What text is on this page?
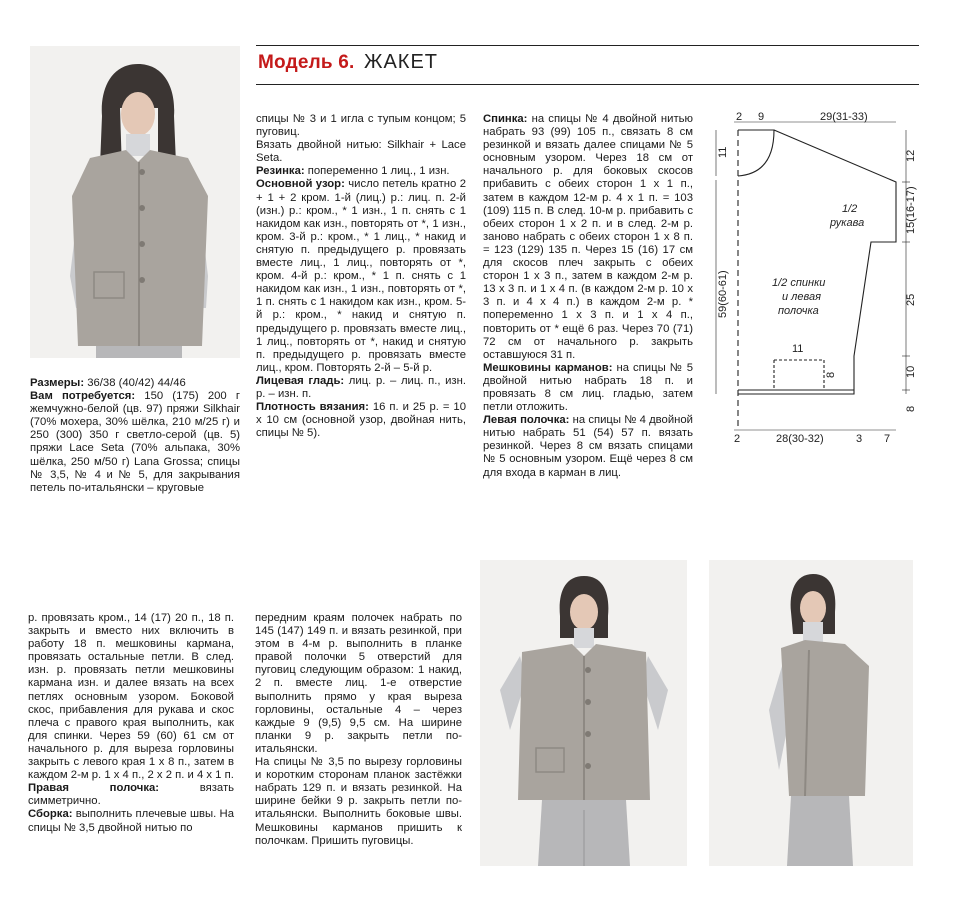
Модель 6. ЖАКЕТ

Размеры: 36/38 (40/42) 44/46

Вам потребуется: 150 (175) 200 г жемчужно-белой (цв. 97) пряжи Silkhair (70% мохера, 30% шёлка, 210 м/25 г) и 250 (300) 350 г светло-серой (цв. 5) пряжи Lace Seta (70% альпака, 30% шёлка, 250 м/50 г) Lana Grossa; спицы № 3,5, № 4 и № 5, для закрывания петель по-итальянски – круговые

спицы № 3 и 1 игла с тупым концом; 5 пуговиц.

Вязать двойной нитью: Silkhair + Lace Seta.

Резинка: попеременно 1 лиц., 1 изн.

Основной узор: число петель кратно 2 + 1 + 2 кром. 1-й (лиц.) р.: лиц. п. 2-й (изн.) р.: кром., * 1 изн., 1 п. снять с 1 накидом как изн., повторять от *, 1 изн., кром. 3-й р.: кром., * 1 лиц., * накид и снятую п. предыдущего р. провязать вместе лиц., 1 лиц., повторять от *, кром. 4-й р.: кром., * 1 п. снять с 1 накидом как изн., 1 изн., повторять от *, 1 п. снять с 1 накидом как изн., кром. 5-й р.: кром., * накид и снятую п. предыдущего р. провязать вместе лиц., 1 лиц., повторять от *, накид и снятую п. предыдущего р. провязать вместе лиц., кром. Повторять 2-й – 5-й р.

Лицевая гладь: лиц. р. – лиц. п., изн. р. – изн. п.

Плотность вязания: 16 п. и 25 р. = 10 х 10 см (основной узор, двойная нить, спицы № 5).

Спинка: на спицы № 4 двойной нитью набрать 93 (99) 105 п., связать 8 см резинкой и вязать далее спицами № 5 основным узором. Через 18 см от начального р. для боковых скосов прибавить с обеих сторон 1 х 1 п., затем в каждом 12-м р. 4 х 1 п. = 103 (109) 115 п. В след. 10-м р. прибавить с обеих сторон 1 х 2 п. и в след. 2-м р. заново набрать с обеих сторон 1 х 8 п. = 123 (129) 135 п. Через 15 (16) 17 см для скосов плеч закрыть с обеих сторон 1 х 3 п., затем в каждом 2-м р. 13 х 3 п. и 1 х 4 п. (в каждом 2-м р. 10 х 3 п. и 4 х 4 п.) в каждом 2-м р. * попеременно 1 х 3 п. и 1 х 4 п., повторить от * ещё 6 раз. Через 70 (71) 72 см от начального р. закрыть оставшуюся 31 п.

Мешковины карманов: на спицы № 5 двойной нитью набрать 18 п. и провязать 8 см лиц. гладью, затем петли отложить.

Левая полочка: на спицы № 4 двойной нитью набрать 51 (54) 57 п. вязать резинкой. Через 8 см вязать спицами № 5 основным узором. Ещё через 8 см для входа в карман в лиц.

2 9	29(31-33)
11
59(60-61)
12
15(16-17)
25
10
8
1/2
рукава
1/2 спинки
и левая
полочка
11
8
2	28(30-32)	3 7

р. провязать кром., 14 (17) 20 п., 18 п. закрыть и вместо них включить в работу 18 п. мешковины кармана, провязать остальные петли. В след. изн. р. провязать петли мешковины кармана изн. и далее вязать на всех петлях основным узором. Боковой скос, прибавления для рукава и скос плеча с правого края выполнить, как для спинки. Через 59 (60) 61 см от начального р. для выреза горловины закрыть с левого края 1 х 8 п., затем в каждом 2-м р. 1 х 4 п., 2 х 2 п. и 4 х 1 п.

Правая полочка: вязать симметрично.

Сборка: выполнить плечевые швы. На спицы № 3,5 двойной нитью по

передним краям полочек набрать по 145 (147) 149 п. и вязать резинкой, при этом в 4-м р. выполнить в планке правой полочки 5 отверстий для пуговиц следующим образом: 1 накид, 2 п. вместе лиц. 1-е отверстие выполнить прямо у края выреза горловины, остальные 4 – через каждые 9 (9,5) 9,5 см. На ширине планки 9 р. закрыть петли по-итальянски.

На спицы № 3,5 по вырезу горловины и коротким сторонам планок застёжки набрать 129 п. и вязать резинкой. На ширине бейки 9 р. закрыть петли по-итальянски. Выполнить боковые швы. Мешковины карманов пришить к полочкам. Пришить пуговицы.
